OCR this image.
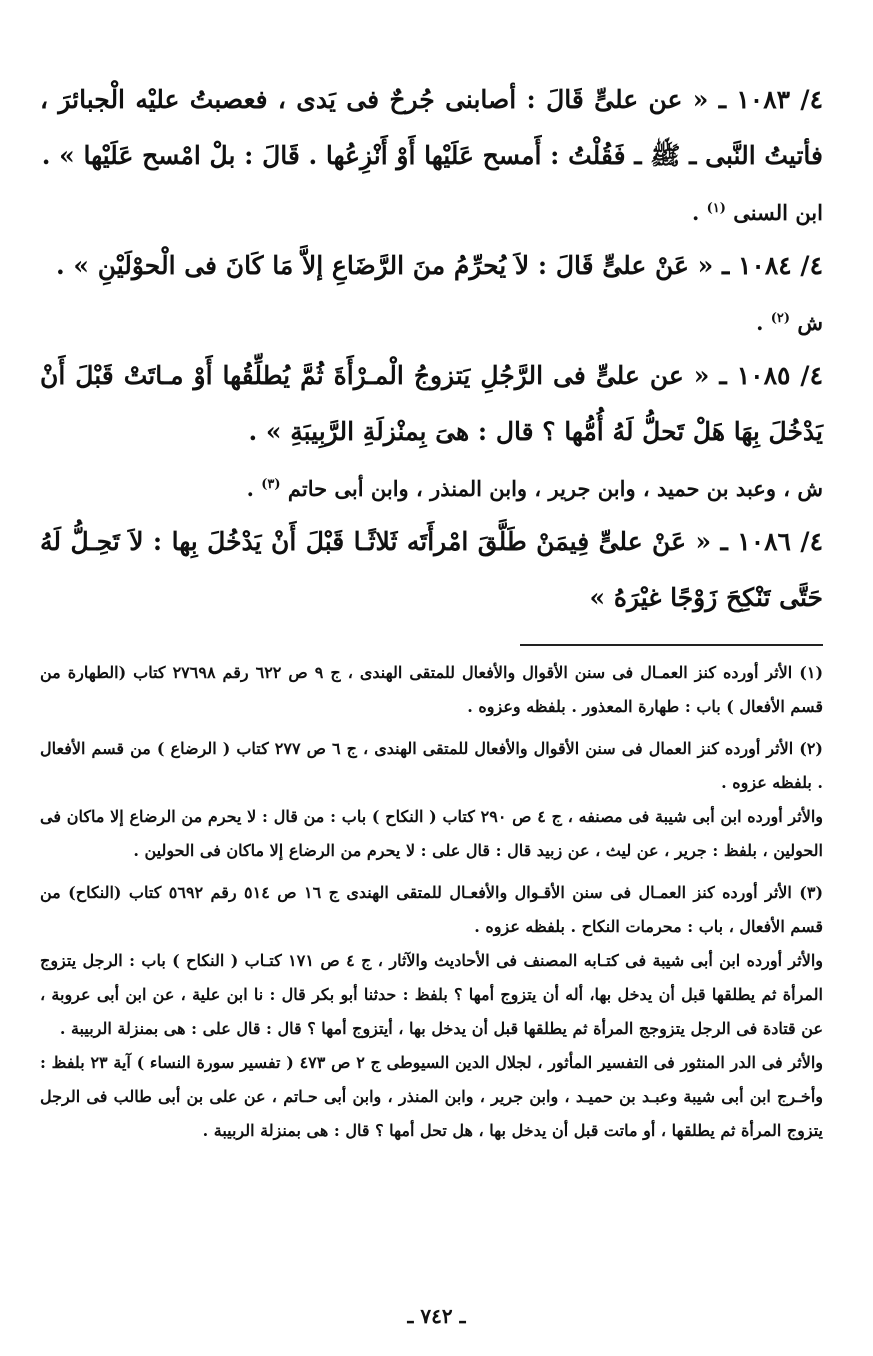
٤/ ١٠٨٣ ـ « عن علىٍّ قَالَ : أصابنى جُرحٌ فى يَدى ، فعصبتُ عليْه الْجبائرَ ، فأتيتُ النَّبى ـ ﷺ ـ فَقُلْتُ : أَمسح عَلَيْها أَوْ أَنْزِعُها . قَالَ : بلْ امْسح عَلَيْها » .

ابن السنى $^{(١)}$ .

٤/ ١٠٨٤ ـ « عَنْ علىٍّ قَالَ : لاَ يُحرِّمُ منَ الرَّضَاعِ إلاَّ مَا كَانَ فى الْحوْلَيْنِ » .

ش $^{(٢)}$ .

٤/ ١٠٨٥ ـ « عن علىٍّ فى الرَّجُلِ يَتزوجُ الْمـرْأَةَ ثُمَّ يُطلِّقُها أَوْ مـاتَتْ قَبْلَ أَنْ يَدْخُلَ بِهَا هَلْ تَحلُّ لَهُ أُمُّها ؟ قال : هىَ بِمنْزلَةِ الرَّبِيبَةِ » .

ش ، وعبد بن حميد ، وابن جرير ، وابن المنذر ، وابن أبى حاتم $^{(٣)}$ .

٤/ ١٠٨٦ ـ « عَنْ علىٍّ فِيمَنْ طَلَّقَ امْرأَتَه ثَلاثًـا قَبْلَ أَنْ يَدْخُلَ بِها : لاَ تَحِـلُّ لَهُ حَتَّى تَنْكِحَ زَوْجًا غيْرَهُ »

(١) الأثر أورده كنز العمـال فى سنن الأقوال والأفعال للمتقى الهندى ، ج ٩ ص ٦٢٢ رقم ٢٧٦٩٨ كتاب (الطهارة من قسم الأفعال ) باب : طهارة المعذور . بلفظه وعزوه .
(٢) الأثر أورده كنز العمال فى سنن الأقوال والأفعال للمتقى الهندى ، ج ٦ ص ٢٧٧ كتاب ( الرضاع ) من قسم الأفعال . بلفظه عزوه .
والأثر أورده ابن أبى شيبة فى مصنفه ، ج ٤ ص ٢٩٠ كتاب ( النكاح ) باب : من قال : لا يحرم من الرضاع إلا ماكان فى الحولين ، بلفظ : جرير ، عن ليث ، عن زبيد قال : قال على : لا يحرم من الرضاع إلا ماكان فى الحولين .
(٣) الأثر أورده كنز العمـال فى سنن الأقـوال والأفعـال للمتقى الهندى ج ١٦ ص ٥١٤ رقم ٥٦٩٢ كتاب (النكاح) من قسم الأفعال ، باب : محرمات النكاح . بلفظه عزوه .
والأثر أورده ابن أبى شيبة فى كتـابه المصنف فى الأحاديث والآثار ، ج ٤ ص ١٧١ كتـاب ( النكاح ) باب : الرجل يتزوج المرأة ثم يطلقها قبل أن يدخل بها، أله أن يتزوج أمها ؟ بلفظ : حدثنا أبو بكر قال : نا ابن علية ، عن ابن أبى عروبة ، عن قتادة فى الرجل يتزوجج المرأة ثم يطلقها قبل أن يدخل بها ، أيتزوج أمها ؟ قال : قال على : هى بمنزلة الربيبة .
والأثر فى الدر المنثور فى التفسير المأثور ، لجلال الدين السيوطى ج ٢ ص ٤٧٣ ( تفسير سورة النساء ) آية ٢٣ بلفظ : وأخـرج ابن أبى شيبة وعبـد بن حميـد ، وابن جرير ، وابن المنذر ، وابن أبى حـاتم ، عن على بن أبى طالب فى الرجل يتزوج المرأة ثم يطلقها ، أو ماتت قبل أن يدخل بها ، هل تحل أمها ؟ قال : هى بمنزلة الربيبة .
ـ ٧٤٢ ـ
